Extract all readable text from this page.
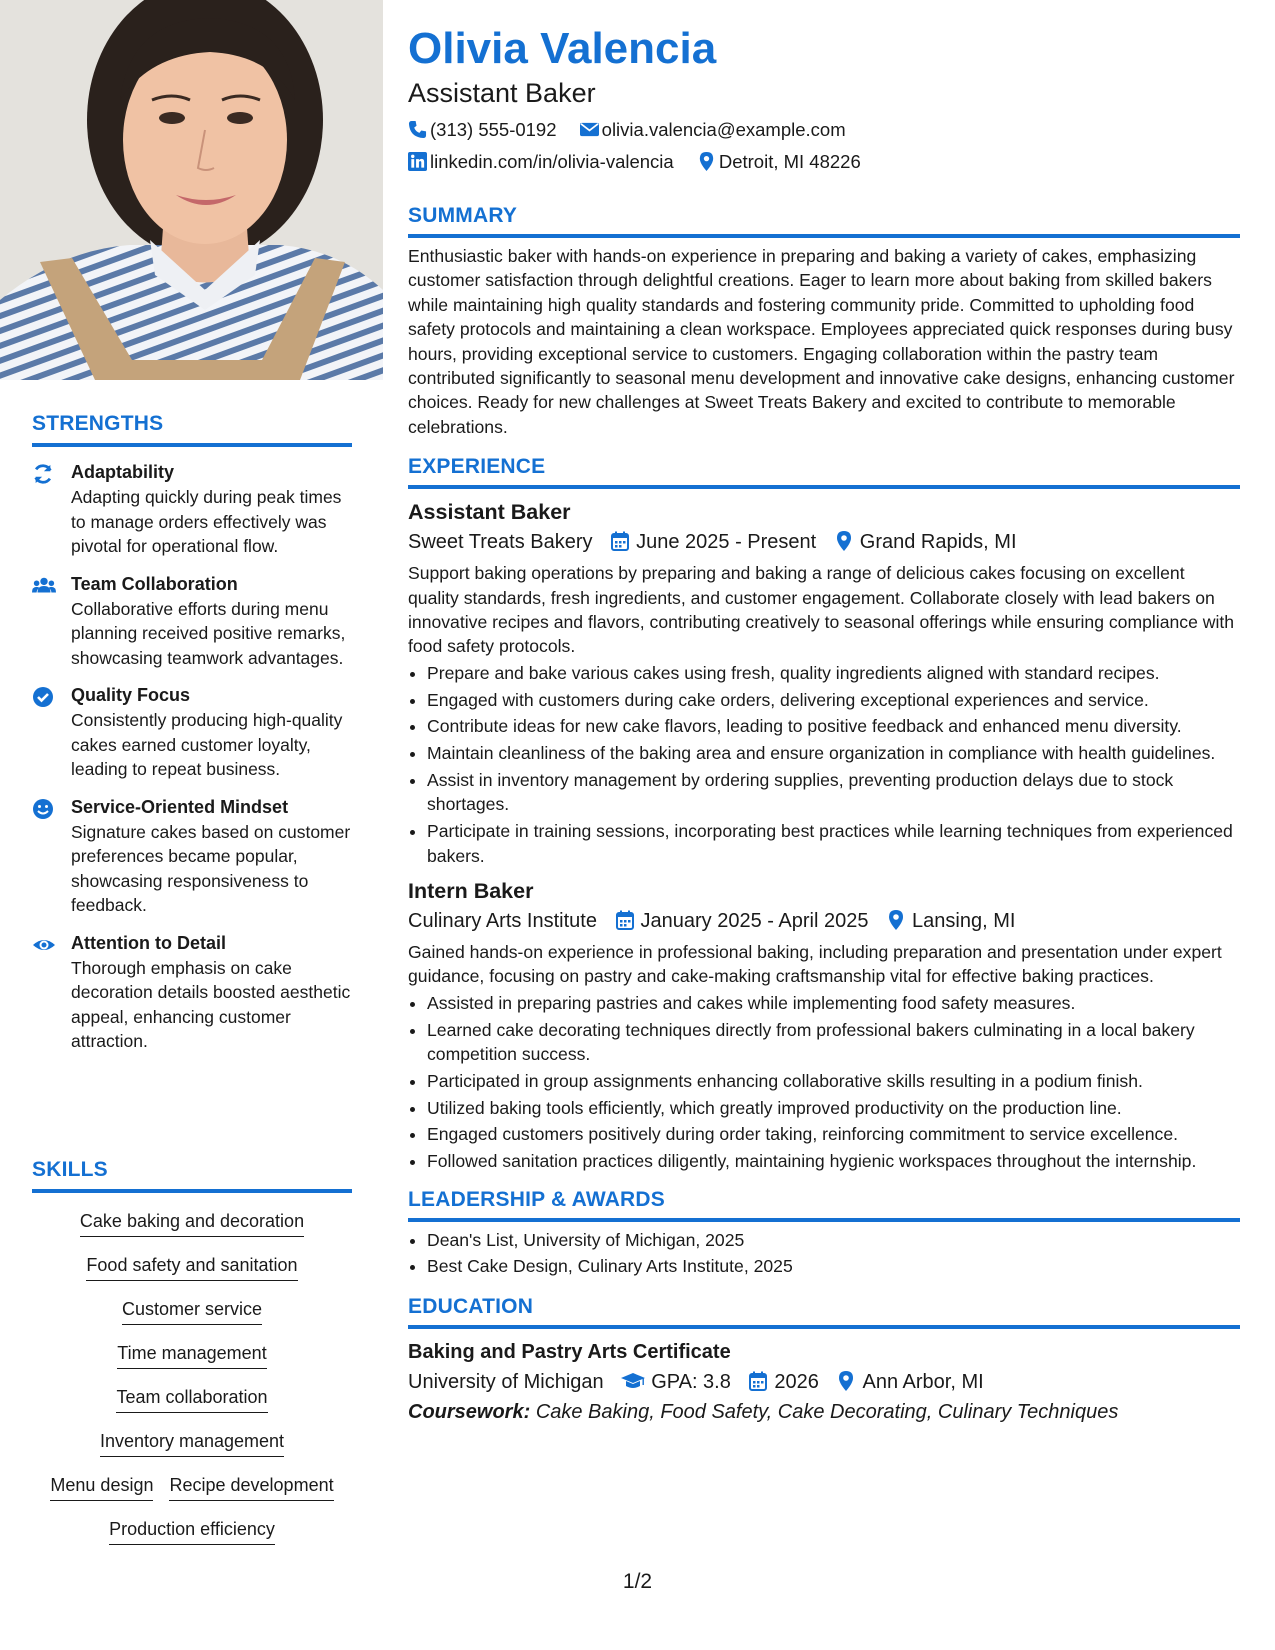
STRENGTHS
Adaptability
Adapting quickly during peak times to manage orders effectively was pivotal for operational flow.
Team Collaboration
Collaborative efforts during menu planning received positive remarks, showcasing teamwork advantages.
Quality Focus
Consistently producing high-quality cakes earned customer loyalty, leading to repeat business.
Service-Oriented Mindset
Signature cakes based on customer preferences became popular, showcasing responsiveness to feedback.
Attention to Detail
Thorough emphasis on cake decoration details boosted aesthetic appeal, enhancing customer attraction.
SKILLS
Cake baking and decoration
Food safety and sanitation
Customer service
Time management
Team collaboration
Inventory management
Menu design Recipe development
Production efficiency
Olivia Valencia
Assistant Baker
(313) 555-0192 olivia.valencia@example.com
linkedin.com/in/olivia-valencia Detroit, MI 48226
SUMMARY

Enthusiastic baker with hands-on experience in preparing and baking a variety of cakes, emphasizing customer satisfaction through delightful creations. Eager to learn more about baking from skilled bakers while maintaining high quality standards and fostering community pride. Committed to upholding food safety protocols and maintaining a clean workspace. Employees appreciated quick responses during busy hours, providing exceptional service to customers. Engaging collaboration within the pastry team contributed significantly to seasonal menu development and innovative cake designs, enhancing customer choices. Ready for new challenges at Sweet Treats Bakery and excited to contribute to memorable celebrations.

EXPERIENCE
Assistant Baker
Sweet Treats Bakery June 2025 - Present Grand Rapids, MI

Support baking operations by preparing and baking a range of delicious cakes focusing on excellent quality standards, fresh ingredients, and customer engagement. Collaborate closely with lead bakers on innovative recipes and flavors, contributing creatively to seasonal offerings while ensuring compliance with food safety protocols.

• Prepare and bake various cakes using fresh, quality ingredients aligned with standard recipes.
• Engaged with customers during cake orders, delivering exceptional experiences and service.
• Contribute ideas for new cake flavors, leading to positive feedback and enhanced menu diversity.
• Maintain cleanliness of the baking area and ensure organization in compliance with health guidelines.
• Assist in inventory management by ordering supplies, preventing production delays due to stock shortages.
• Participate in training sessions, incorporating best practices while learning techniques from experienced bakers.
Intern Baker
Culinary Arts Institute January 2025 - April 2025 Lansing, MI

Gained hands-on experience in professional baking, including preparation and presentation under expert guidance, focusing on pastry and cake-making craftsmanship vital for effective baking practices.

• Assisted in preparing pastries and cakes while implementing food safety measures.
• Learned cake decorating techniques directly from professional bakers culminating in a local bakery competition success.
• Participated in group assignments enhancing collaborative skills resulting in a podium finish.
• Utilized baking tools efficiently, which greatly improved productivity on the production line.
• Engaged customers positively during order taking, reinforcing commitment to service excellence.
• Followed sanitation practices diligently, maintaining hygienic workspaces throughout the internship.
LEADERSHIP & AWARDS
• Dean's List, University of Michigan, 2025
• Best Cake Design, Culinary Arts Institute, 2025
EDUCATION
Baking and Pastry Arts Certificate
University of Michigan GPA: 3.8 2026 Ann Arbor, MI
Coursework: Cake Baking, Food Safety, Cake Decorating, Culinary Techniques
1/2
